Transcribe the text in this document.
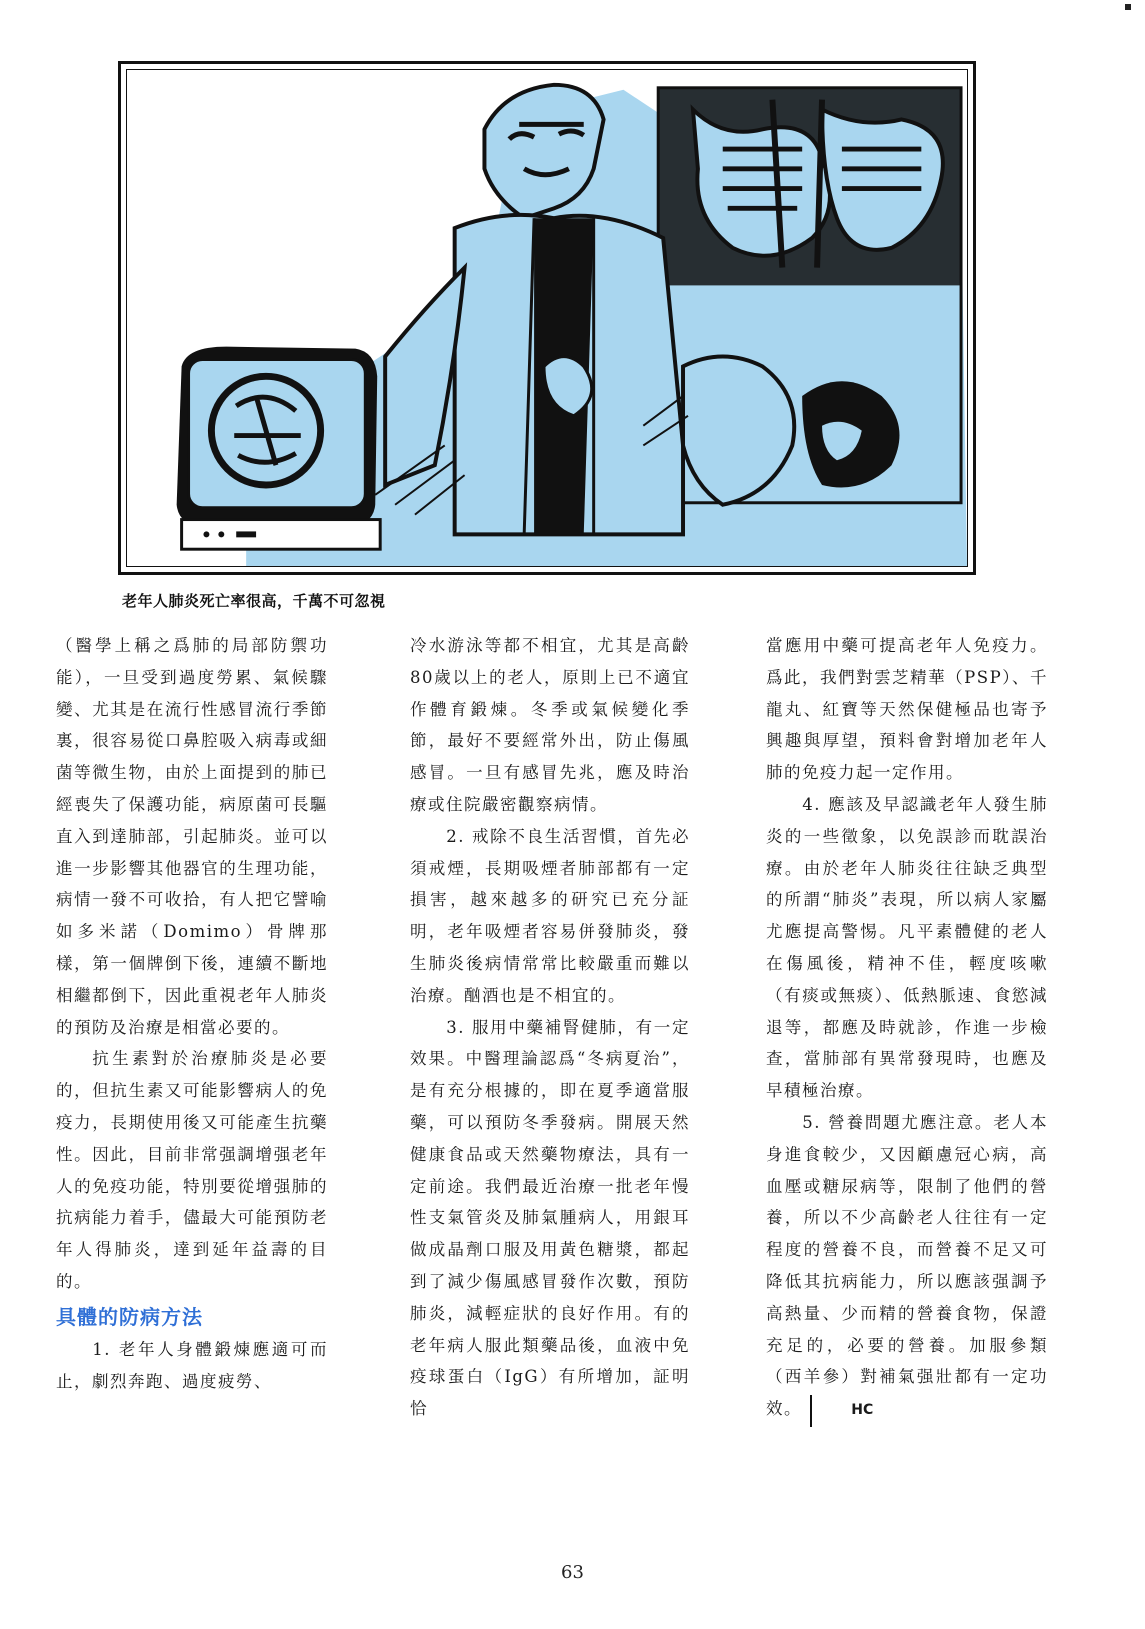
老年人肺炎死亡率很高，千萬不可忽視

（醫學上稱之爲肺的局部防禦功能），一旦受到過度勞累、氣候驟變、尤其是在流行性感冒流行季節裏，很容易從口鼻腔吸入病毒或細菌等微生物，由於上面提到的肺已經喪失了保護功能，病原菌可長驅直入到達肺部，引起肺炎。並可以進一步影響其他器官的生理功能，病情一發不可收拾，有人把它譬喻如多米諾（Domimo）骨牌那樣，第一個牌倒下後，連續不斷地相繼都倒下，因此重視老年人肺炎的預防及治療是相當必要的。

抗生素對於治療肺炎是必要的，但抗生素又可能影響病人的免疫力，長期使用後又可能產生抗藥性。因此，目前非常强調增强老年人的免疫功能，特別要從增强肺的抗病能力着手，儘最大可能預防老年人得肺炎，達到延年益壽的目的。

具體的防病方法

1. 老年人身體鍛煉應適可而止，劇烈奔跑、過度疲勞、

冷水游泳等都不相宜，尤其是高齡80歲以上的老人，原則上已不適宜作體育鍛煉。冬季或氣候變化季節，最好不要經常外出，防止傷風感冒。一旦有感冒先兆，應及時治療或住院嚴密觀察病情。

2. 戒除不良生活習慣，首先必須戒煙，長期吸煙者肺部都有一定損害，越來越多的研究已充分証明，老年吸煙者容易併發肺炎，發生肺炎後病情常常比較嚴重而難以治療。酗酒也是不相宜的。

3. 服用中藥補腎健肺，有一定效果。中醫理論認爲“冬病夏治”，是有充分根據的，即在夏季適當服藥，可以預防冬季發病。開展天然健康食品或天然藥物療法，具有一定前途。我們最近治療一批老年慢性支氣管炎及肺氣腫病人，用銀耳做成晶劑口服及用黃色糖漿，都起到了減少傷風感冒發作次數，預防肺炎，減輕症狀的良好作用。有的老年病人服此類藥品後，血液中免疫球蛋白（IgG）有所增加，証明恰

當應用中藥可提高老年人免疫力。爲此，我們對雲芝精華（PSP）、千龍丸、紅寶等天然保健極品也寄予興趣與厚望，預料會對增加老年人肺的免疫力起一定作用。

4. 應該及早認識老年人發生肺炎的一些徵象，以免誤診而耽誤治療。由於老年人肺炎往往缺乏典型的所謂“肺炎”表現，所以病人家屬尤應提高警惕。凡平素體健的老人在傷風後，精神不佳，輕度咳嗽（有痰或無痰）、低熱脈速、食慾減退等，都應及時就診，作進一步檢查，當肺部有異常發現時，也應及早積極治療。

5. 營養問題尤應注意。老人本身進食較少，又因顧慮冠心病，高血壓或糖尿病等，限制了他們的營養，所以不少高齡老人往往有一定程度的營養不良，而營養不足又可降低其抗病能力，所以應該强調予高熱量、少而精的營養食物，保證充足的，必要的營養。加服參類（西羊參）對補氣强壯都有一定功效。	HC

63
